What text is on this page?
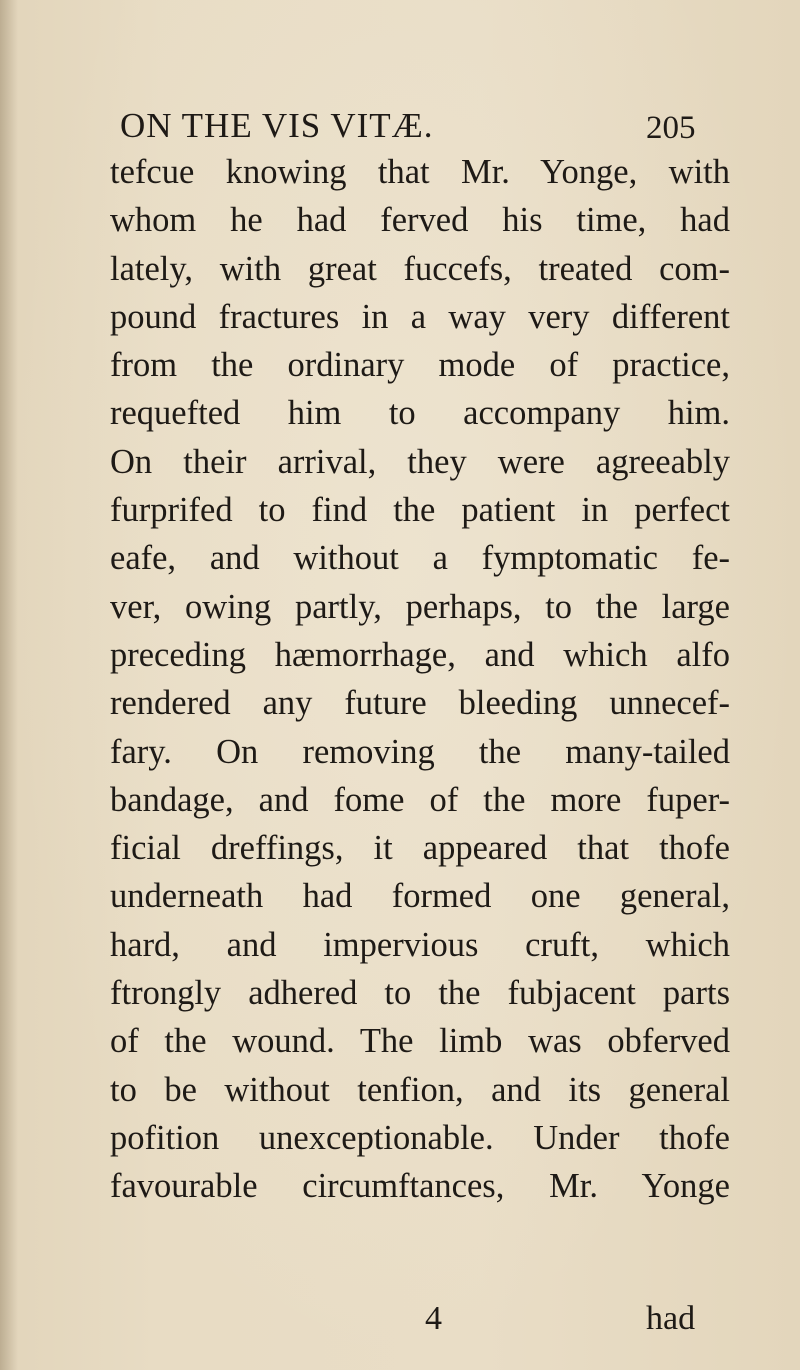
ON THE VIS VITÆ.	205
tefcue knowing that Mr. Yonge, with
whom he had ferved his time, had
lately, with great fuccefs, treated com-
pound fractures in a way very different
from the ordinary mode of practice,
requefted him to accompany him.
On their arrival, they were agreeably
furprifed to find the patient in perfect
eafe, and without a fymptomatic fe-
ver, owing partly, perhaps, to the large
preceding hæmorrhage, and which alfo
rendered any future bleeding unnecef-
fary. On removing the many-tailed
bandage, and fome of the more fuper-
ficial dreffings, it appeared that thofe
underneath had formed one general,
hard, and impervious cruft, which
ftrongly adhered to the fubjacent parts
of the wound. The limb was obferved
to be without tenfion, and its general
pofition unexceptionable. Under thofe
favourable circumftances, Mr. Yonge
4	had
